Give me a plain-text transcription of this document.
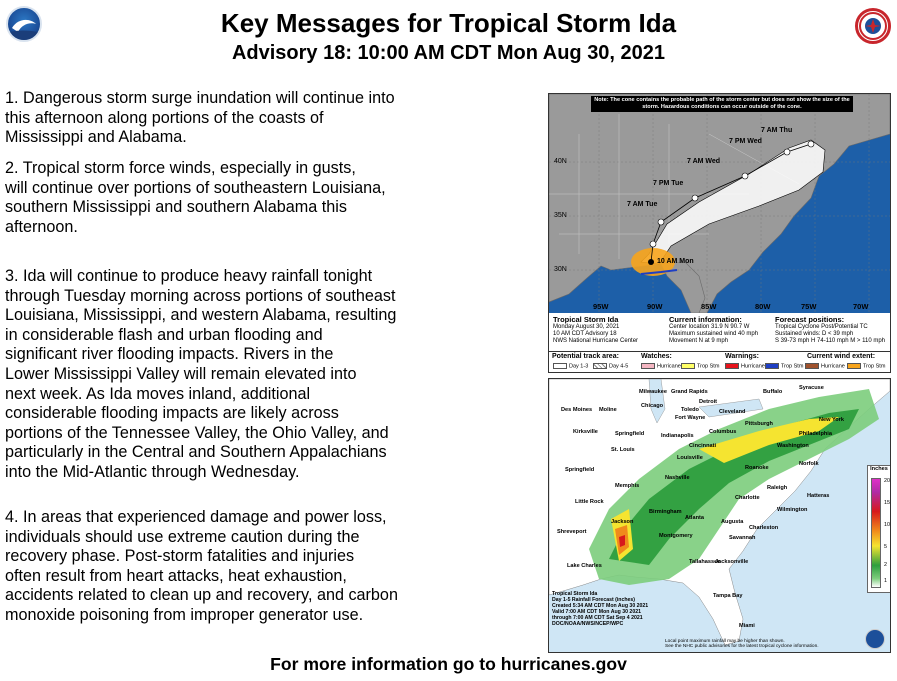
Key Messages for Tropical Storm Ida
Advisory 18: 10:00 AM CDT Mon Aug 30, 2021
1. Dangerous storm surge inundation will continue into
this afternoon along portions of the coasts of
Mississippi and Alabama.
2. Tropical storm force winds, especially in gusts,
will continue over portions of southeastern Louisiana,
southern Mississippi and southern Alabama this
afternoon.
3. Ida will continue to produce heavy rainfall tonight
through Tuesday morning across portions of southeast
Louisiana, Mississippi, and western Alabama, resulting
in considerable flash and urban flooding and
significant river flooding impacts. Rivers in the
Lower Mississippi Valley will remain elevated into
next week. As Ida moves inland, additional
considerable flooding impacts are likely across
portions of the Tennessee Valley, the Ohio Valley, and
particularly in the Central and Southern Appalachians
into the Mid-Atlantic through Wednesday.
4. In areas that experienced damage and power loss,
individuals should use extreme caution during the
recovery phase. Post-storm fatalities and injuries
often result from heart attacks, heat exhaustion,
accidents related to clean up and recovery, and carbon
monoxide poisoning from improper generator use.
Note: The cone contains the probable path of the storm center but does not show the size of the storm. Hazardous conditions can occur outside of the cone.
40N
35N
30N
95W	90W	85W	80W	75W	70W
7 AM Thu
7 PM Wed
7 AM Wed
7 PM Tue
7 AM Tue
10 AM Mon
Tropical Storm Ida
Monday August 30, 2021
10 AM CDT Advisory 18
NWS National Hurricane Center
Current information:
Center location 31.9 N 90.7 W
Maximum sustained wind 40 mph
Movement N at 9 mph
Forecast positions:
Tropical Cyclone Post/Potential TC
Sustained winds: D < 39 mph
S 39-73 mph H 74-110 mph M > 110 mph
Potential track area:
Day 1-3	Day 4-5
Watches:
Hurricane	Trop Stm
Warnings:
Hurricane	Trop Stm
Current wind extent:
Hurricane	Trop Stm
Grand Rapids
Milwaukee
Chicago
Detroit
Buffalo
Syracuse
Des Moines Moline	Toledo	Cleveland
Fort Wayne
Pittsburgh
New York
Kirksville	Springfield	Indianapolis
Columbus	Philadelphia
Cincinnati	Washington
St. Louis
Louisville
Norfolk
Springfield
Nashville
Raleigh
Charlotte	Hatteras
Little Rock
Memphis
Atlanta
Wilmington
Augusta
Charleston
Birmingham
Shreveport
Jackson
Montgomery	Savannah
Lake Charles
Tallahassee
Jacksonville
Tampa Bay
Miami
Roanoke	Inches
20
15
10
5
2
1
Tropical Storm Ida
Day 1-5 Rainfall Forecast (inches)
Created 5:34 AM CDT Mon Aug 30 2021
Valid 7:00 AM CDT Mon Aug 30 2021
through 7:00 AM CDT Sat Sep 4 2021
DOC/NOAA/NWS/NCEP/WPC
Local point maximum rainfall may be higher than shown.
See the NHC public advisories for the latest tropical cyclone information.
For more information go to hurricanes.gov
